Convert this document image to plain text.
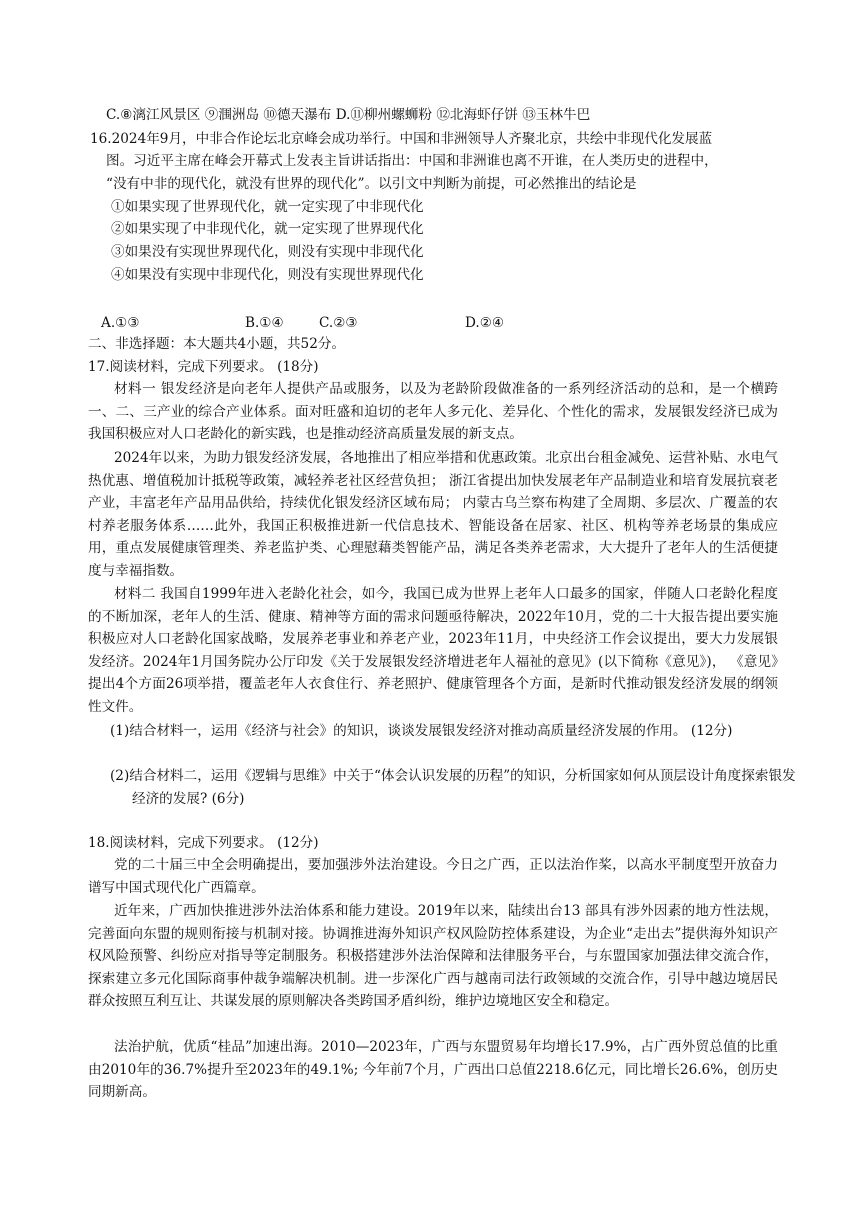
C.⑧漓江风景区 ⑨涠洲岛 ⑩德天瀑布 D.⑪柳州螺蛳粉 ⑫北海虾仔饼 ⑬玉林牛巴
16.2024年9月，中非合作论坛北京峰会成功举行。中国和非洲领导人齐聚北京，共绘中非现代化发展蓝
图。习近平主席在峰会开幕式上发表主旨讲话指出：中国和非洲谁也离不开谁，在人类历史的进程中，
“没有中非的现代化，就没有世界的现代化”。以引文中判断为前提，可必然推出的结论是
①如果实现了世界现代化，就一定实现了中非现代化
②如果实现了中非现代化，就一定实现了世界现代化
③如果没有实现世界现代化，则没有实现中非现代化
④如果没有实现中非现代化，则没有实现世界现代化
A.①③	B.①④	C.②③	D.②④
二、非选择题：本大题共4小题，共52分。
17.阅读材料，完成下列要求。 (18分)
材料一 银发经济是向老年人提供产品或服务，以及为老龄阶段做准备的一系列经济活动的总和，是一个横跨一、二、三产业的综合产业体系。面对旺盛和迫切的老年人多元化、差异化、个性化的需求，发展银发经济已成为我国积极应对人口老龄化的新实践，也是推动经济高质量发展的新支点。
2024年以来，为助力银发经济发展，各地推出了相应举措和优惠政策。北京出台租金减免、运营补贴、水电气热优惠、增值税加计抵税等政策，减轻养老社区经营负担； 浙江省提出加快发展老年产品制造业和培育发展抗衰老产业，丰富老年产品用品供给，持续优化银发经济区域布局； 内蒙古乌兰察布构建了全周期、多层次、广覆盖的农村养老服务体系……此外，我国正积极推进新一代信息技术、智能设备在居家、社区、机构等养老场景的集成应用，重点发展健康管理类、养老监护类、心理慰藉类智能产品，满足各类养老需求，大大提升了老年人的生活便捷度与幸福指数。
材料二 我国自1999年进入老龄化社会，如今，我国已成为世界上老年人口最多的国家，伴随人口老龄化程度的不断加深，老年人的生活、健康、精神等方面的需求问题亟待解决，2022年10月，党的二十大报告提出要实施积极应对人口老龄化国家战略，发展养老事业和养老产业，2023年11月，中央经济工作会议提出，要大力发展银发经济。2024年1月国务院办公厅印发《关于发展银发经济增进老年人福祉的意见》(以下简称《意见》)， 《意见》提出4个方面26项举措，覆盖老年人衣食住行、养老照护、健康管理各个方面，是新时代推动银发经济发展的纲领性文件。
(1)结合材料一，运用《经济与社会》的知识，谈谈发展银发经济对推动高质量经济发展的作用。 (12分)
(2)结合材料二，运用《逻辑与思维》中关于“体会认识发展的历程”的知识，分析国家如何从顶层设计角度探索银发经济的发展? (6分)
18.阅读材料，完成下列要求。 (12分)
党的二十届三中全会明确提出，要加强涉外法治建设。今日之广西，正以法治作桨，以高水平制度型开放奋力谱写中国式现代化广西篇章。
近年来，广西加快推进涉外法治体系和能力建设。2019年以来，陆续出台13 部具有涉外因素的地方性法规，完善面向东盟的规则衔接与机制对接。协调推进海外知识产权风险防控体系建设，为企业“走出去”提供海外知识产权风险预警、纠纷应对指导等定制服务。积极搭建涉外法治保障和法律服务平台，与东盟国家加强法律交流合作，探索建立多元化国际商事仲裁争端解决机制。进一步深化广西与越南司法行政领域的交流合作，引导中越边境居民群众按照互利互让、共谋发展的原则解决各类跨国矛盾纠纷，维护边境地区安全和稳定。
法治护航，优质“桂品”加速出海。2010—2023年，广西与东盟贸易年均增长17.9%，占广西外贸总值的比重由2010年的36.7%提升至2023年的49.1%; 今年前7个月，广西出口总值2218.6亿元，同比增长26.6%，创历史同期新高。
